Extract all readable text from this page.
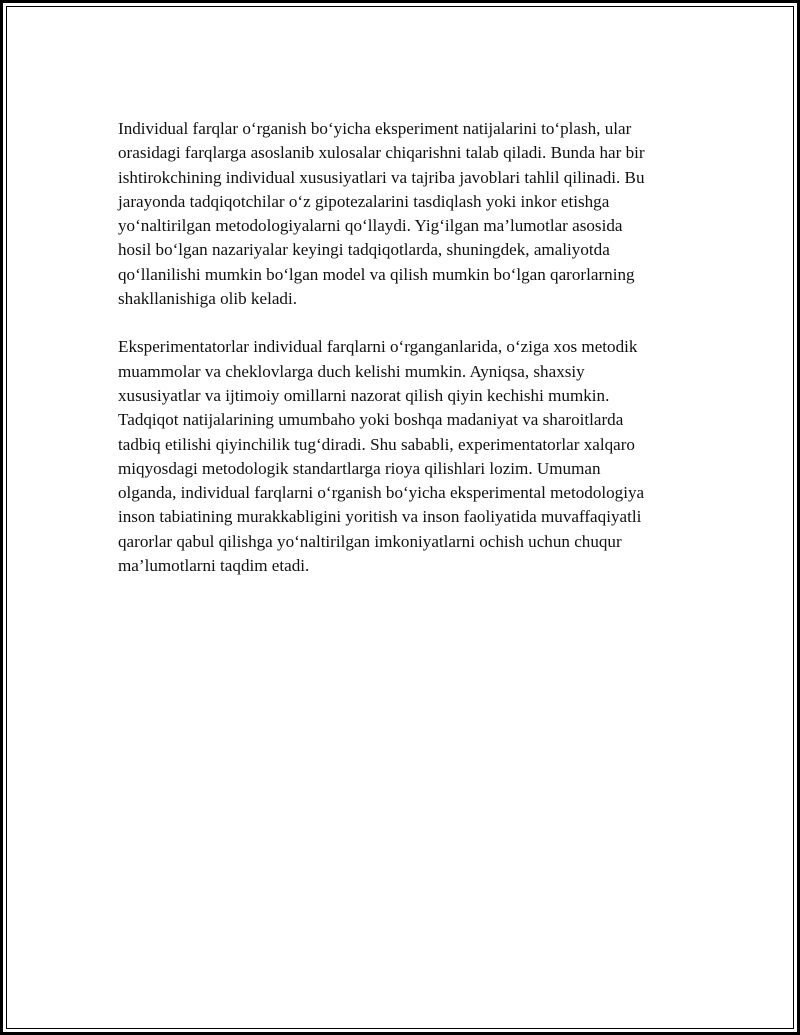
Individual farqlar o‘rganish bo‘yicha eksperiment natijalarini to‘plash, ular
orasidagi farqlarga asoslanib xulosalar chiqarishni talab qiladi. Bunda har bir
ishtirokchining individual xususiyatlari va tajriba javoblari tahlil qilinadi. Bu
jarayonda tadqiqotchilar o‘z gipotezalarini tasdiqlash yoki inkor etishga
yo‘naltirilgan metodologiyalarni qo‘llaydi. Yig‘ilgan ma’lumotlar asosida
hosil bo‘lgan nazariyalar keyingi tadqiqotlarda, shuningdek, amaliyotda
qo‘llanilishi mumkin bo‘lgan model va qilish mumkin bo‘lgan qarorlarning
shakllanishiga olib keladi.

Eksperimentatorlar individual farqlarni o‘rganganlarida, o‘ziga xos metodik
muammolar va cheklovlarga duch kelishi mumkin. Ayniqsa, shaxsiy
xususiyatlar va ijtimoiy omillarni nazorat qilish qiyin kechishi mumkin.
Tadqiqot natijalarining umumbaho yoki boshqa madaniyat va sharoitlarda
tadbiq etilishi qiyinchilik tug‘diradi. Shu sababli, experimentatorlar xalqaro
miqyosdagi metodologik standartlarga rioya qilishlari lozim. Umuman
olganda, individual farqlarni o‘rganish bo‘yicha eksperimental metodologiya
inson tabiatining murakkabligini yoritish va inson faoliyatida muvaffaqiyatli
qarorlar qabul qilishga yo‘naltirilgan imkoniyatlarni ochish uchun chuqur
ma’lumotlarni taqdim etadi.
